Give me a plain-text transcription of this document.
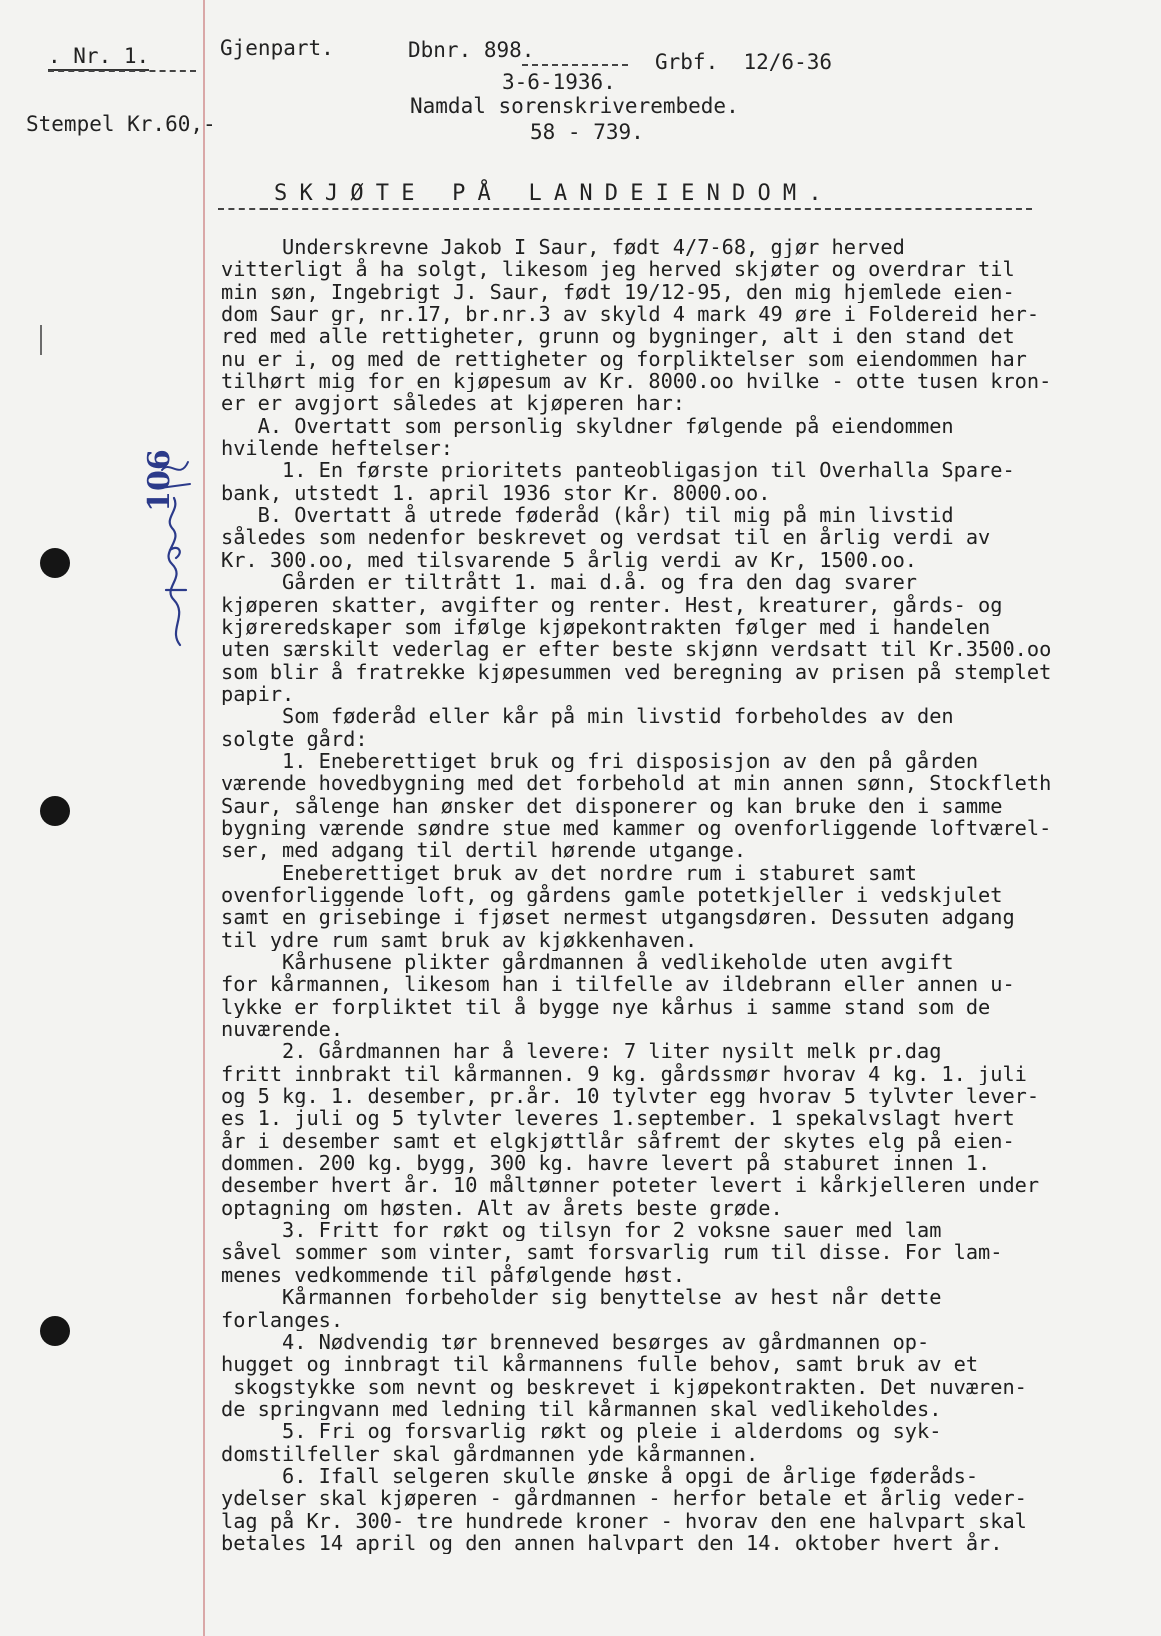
. Nr. 1.	Gjenpart.	Dbnr. 898.	Grbf.  12/6-36
3-6-1936.
Namdal sorenskriverembede.
58 - 739.
Stempel Kr.60,-
SKJØTE PÅ LANDEIENDOM.
106
Underskrevne Jakob I Saur, født 4/7-68, gjør herved
vitterligt å ha solgt, likesom jeg herved skjøter og overdrar til
min søn, Ingebrigt J. Saur, født 19/12-95, den mig hjemlede eien-
dom Saur gr, nr.17, br.nr.3 av skyld 4 mark 49 øre i Foldereid her-
red med alle rettigheter, grunn og bygninger, alt i den stand det
nu er i, og med de rettigheter og forpliktelser som eiendommen har
tilhørt mig for en kjøpesum av Kr. 8000.oo hvilke - otte tusen kron-
er er avgjort således at kjøperen har:
A. Overtatt som personlig skyldner følgende på eiendommen
hvilende heftelser:
1. En første prioritets panteobligasjon til Overhalla Spare-
bank, utstedt 1. april 1936 stor Kr. 8000.oo.
B. Overtatt å utrede føderåd (kår) til mig på min livstid
således som nedenfor beskrevet og verdsat til en årlig verdi av
Kr. 300.oo, med tilsvarende 5 årlig verdi av Kr, 1500.oo.
Gården er tiltrått 1. mai d.å. og fra den dag svarer
kjøperen skatter, avgifter og renter. Hest, kreaturer, gårds- og
kjøreredskaper som ifølge kjøpekontrakten følger med i handelen
uten særskilt vederlag er efter beste skjønn verdsatt til Kr.3500.oo
som blir å fratrekke kjøpesummen ved beregning av prisen på stemplet
papir.
Som føderåd eller kår på min livstid forbeholdes av den
solgte gård:
1. Eneberettiget bruk og fri disposisjon av den på gården
værende hovedbygning med det forbehold at min annen sønn, Stockfleth
Saur, sålenge han ønsker det disponerer og kan bruke den i samme
bygning værende søndre stue med kammer og ovenforliggende loftværel-
ser, med adgang til dertil hørende utgange.
Eneberettiget bruk av det nordre rum i staburet samt
ovenforliggende loft, og gårdens gamle potetkjeller i vedskjulet
samt en grisebinge i fjøset nermest utgangsdøren. Dessuten adgang
til ydre rum samt bruk av kjøkkenhaven.
Kårhusene plikter gårdmannen å vedlikeholde uten avgift
for kårmannen, likesom han i tilfelle av ildebrann eller annen u-
lykke er forpliktet til å bygge nye kårhus i samme stand som de
nuværende.
2. Gårdmannen har å levere: 7 liter nysilt melk pr.dag
fritt innbrakt til kårmannen. 9 kg. gårdssmør hvorav 4 kg. 1. juli
og 5 kg. 1. desember, pr.år. 10 tylvter egg hvorav 5 tylvter lever-
es 1. juli og 5 tylvter leveres 1.september. 1 spekalvslagt hvert
år i desember samt et elgkjøttlår såfremt der skytes elg på eien-
dommen. 200 kg. bygg, 300 kg. havre levert på staburet innen 1.
desember hvert år. 10 måltønner poteter levert i kårkjelleren under
optagning om høsten. Alt av årets beste grøde.
3. Fritt for røkt og tilsyn for 2 voksne sauer med lam
såvel sommer som vinter, samt forsvarlig rum til disse. For lam-
menes vedkommende til påfølgende høst.
Kårmannen forbeholder sig benyttelse av hest når dette
forlanges.
4. Nødvendig tør brenneved besørges av gårdmannen op-
hugget og innbragt til kårmannens fulle behov, samt bruk av et
skogstykke som nevnt og beskrevet i kjøpekontrakten. Det nuværen-
de springvann med ledning til kårmannen skal vedlikeholdes.
5. Fri og forsvarlig røkt og pleie i alderdoms og syk-
domstilfeller skal gårdmannen yde kårmannen.
6. Ifall selgeren skulle ønske å opgi de årlige føderåds-
ydelser skal kjøperen - gårdmannen - herfor betale et årlig veder-
lag på Kr. 300- tre hundrede kroner - hvorav den ene halvpart skal
betales 14 april og den annen halvpart den 14. oktober hvert år.
